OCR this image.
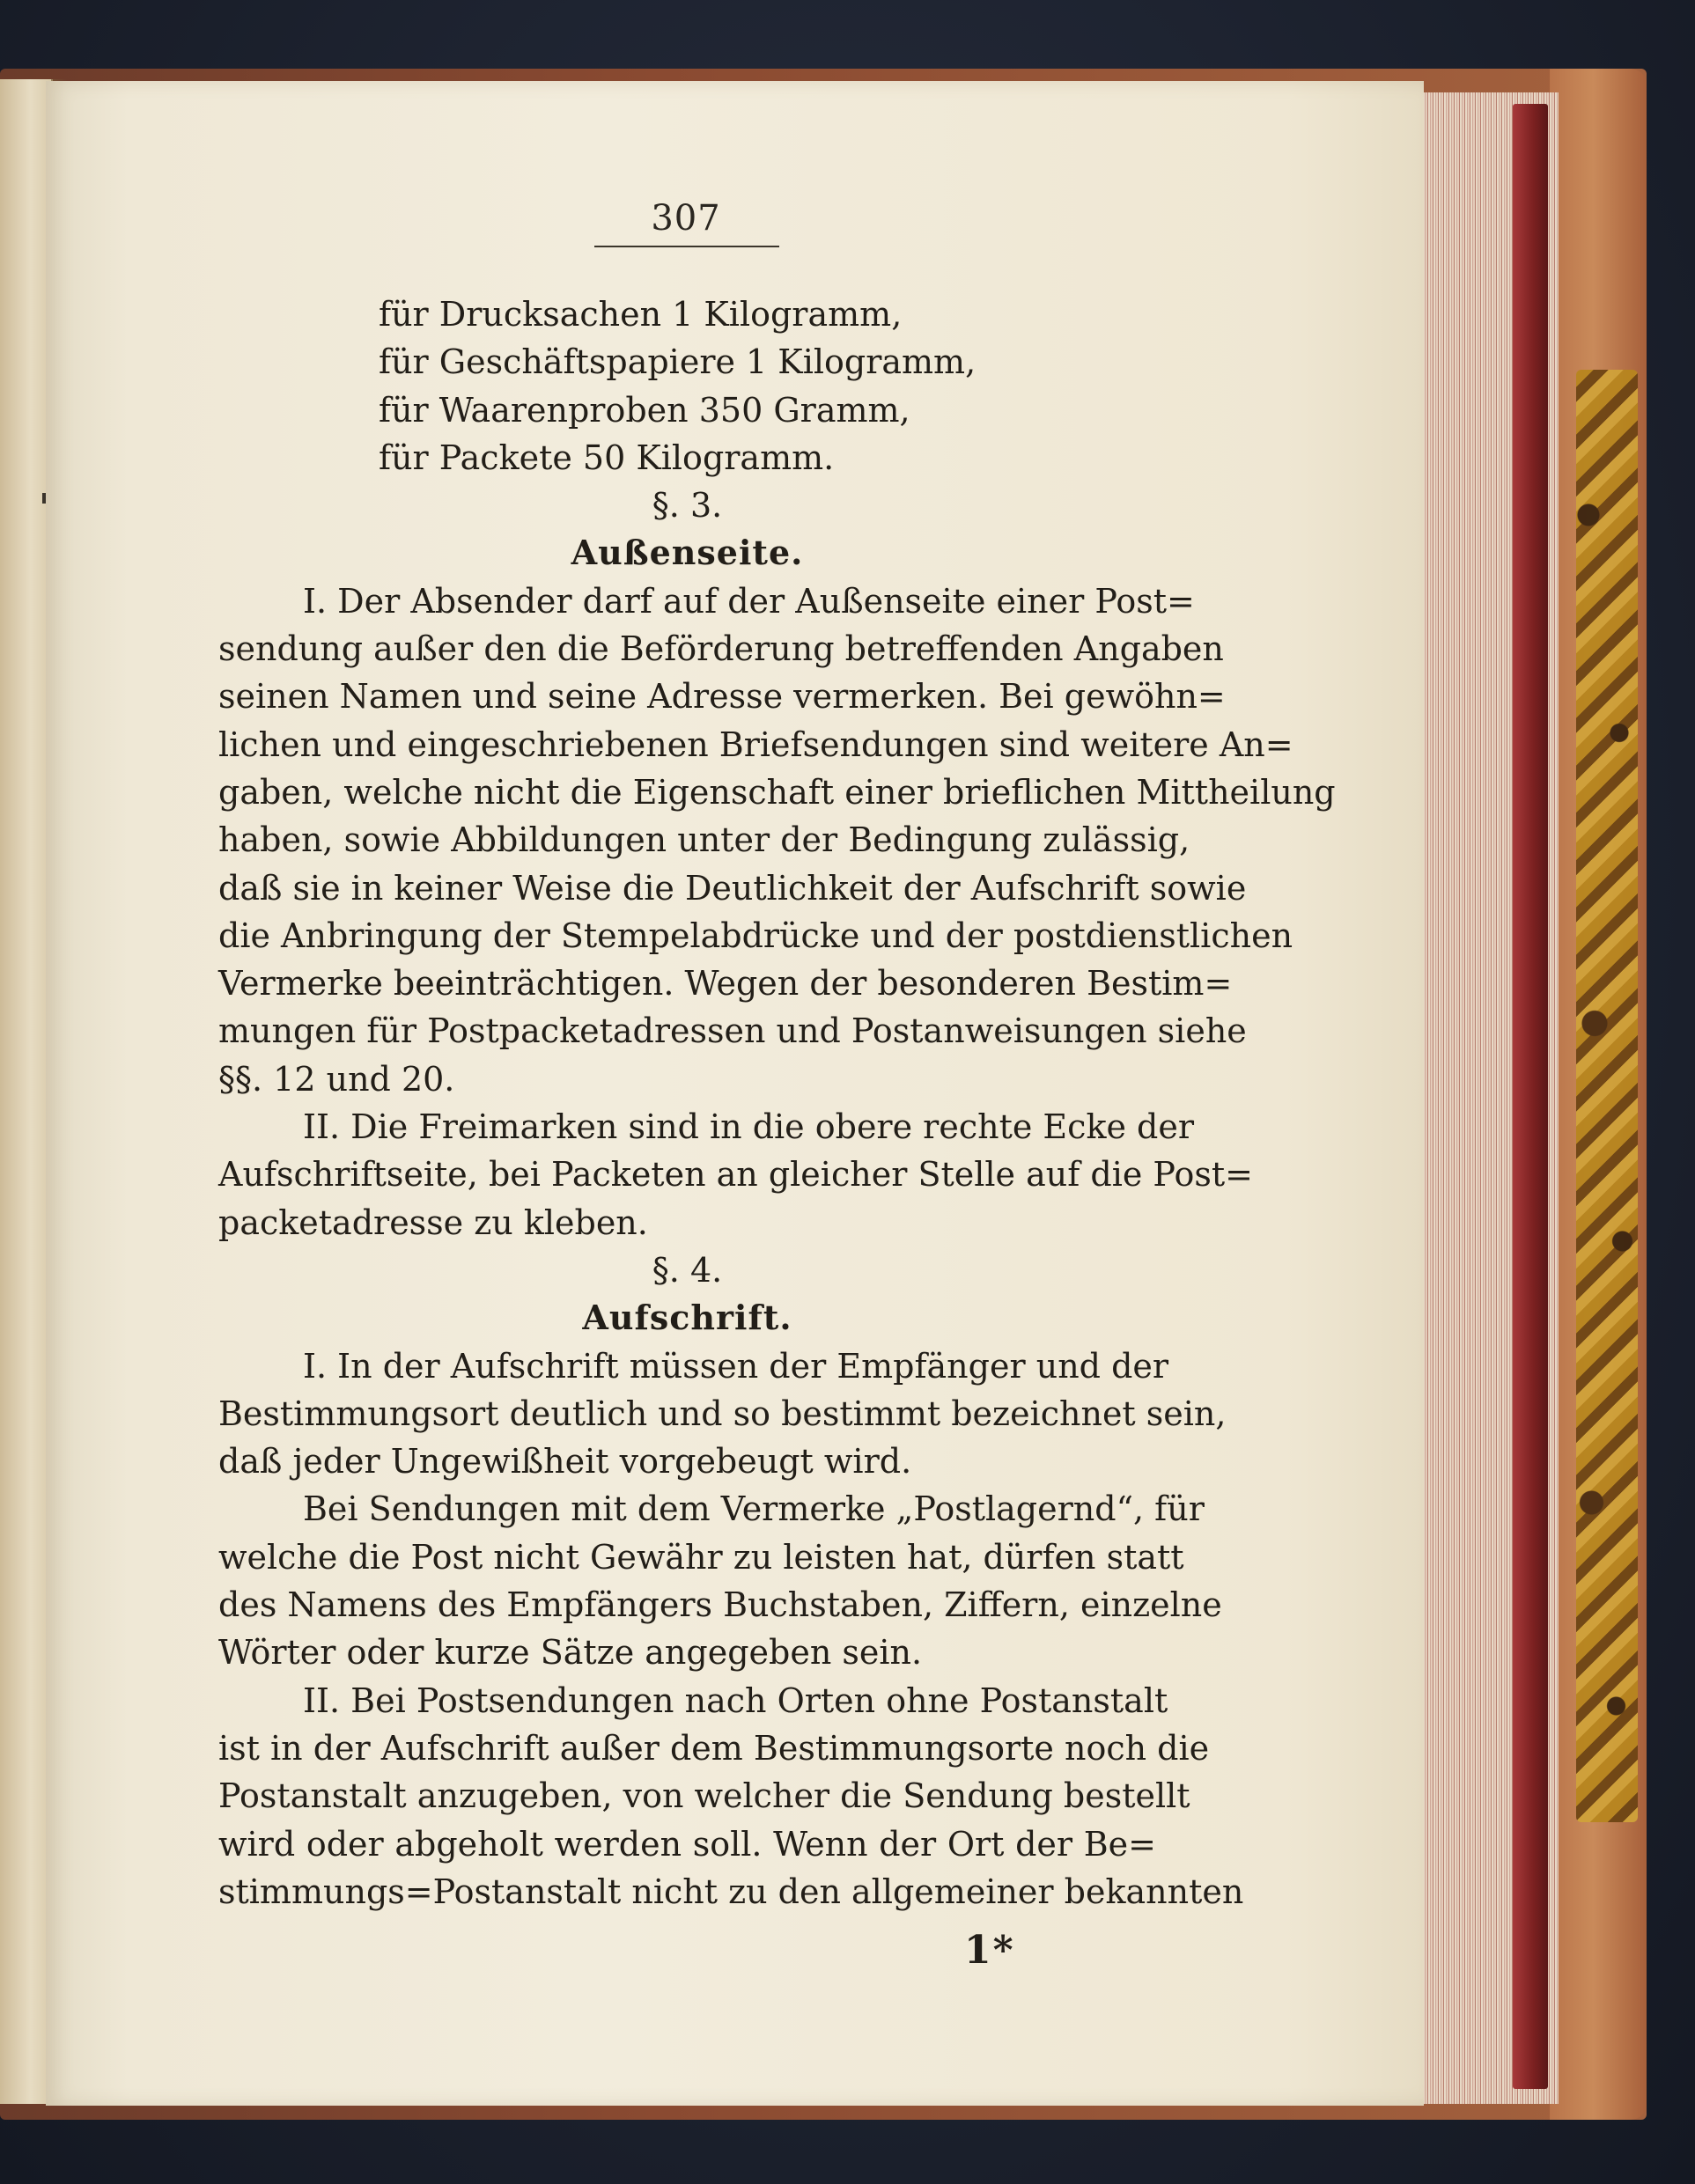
307
für Drucksachen 1 Kilogramm,
für Geschäftspapiere 1 Kilogramm,
für Waarenproben 350 Gramm,
für Packete 50 Kilogramm.
§. 3.
Außenseite.
I. Der Absender darf auf der Außenseite einer Post=
sendung außer den die Beförderung betreffenden Angaben
seinen Namen und seine Adresse vermerken. Bei gewöhn=
lichen und eingeschriebenen Briefsendungen sind weitere An=
gaben, welche nicht die Eigenschaft einer brieflichen Mittheilung
haben, sowie Abbildungen unter der Bedingung zulässig,
daß sie in keiner Weise die Deutlichkeit der Aufschrift sowie
die Anbringung der Stempelabdrücke und der postdienstlichen
Vermerke beeinträchtigen. Wegen der besonderen Bestim=
mungen für Postpacketadressen und Postanweisungen siehe
§§. 12 und 20.
II. Die Freimarken sind in die obere rechte Ecke der
Aufschriftseite, bei Packeten an gleicher Stelle auf die Post=
packetadresse zu kleben.
§. 4.
Aufschrift.
I. In der Aufschrift müssen der Empfänger und der
Bestimmungsort deutlich und so bestimmt bezeichnet sein,
daß jeder Ungewißheit vorgebeugt wird.
Bei Sendungen mit dem Vermerke „Postlagernd“, für
welche die Post nicht Gewähr zu leisten hat, dürfen statt
des Namens des Empfängers Buchstaben, Ziffern, einzelne
Wörter oder kurze Sätze angegeben sein.
II. Bei Postsendungen nach Orten ohne Postanstalt
ist in der Aufschrift außer dem Bestimmungsorte noch die
Postanstalt anzugeben, von welcher die Sendung bestellt
wird oder abgeholt werden soll. Wenn der Ort der Be=
stimmungs=Postanstalt nicht zu den allgemeiner bekannten
1*
